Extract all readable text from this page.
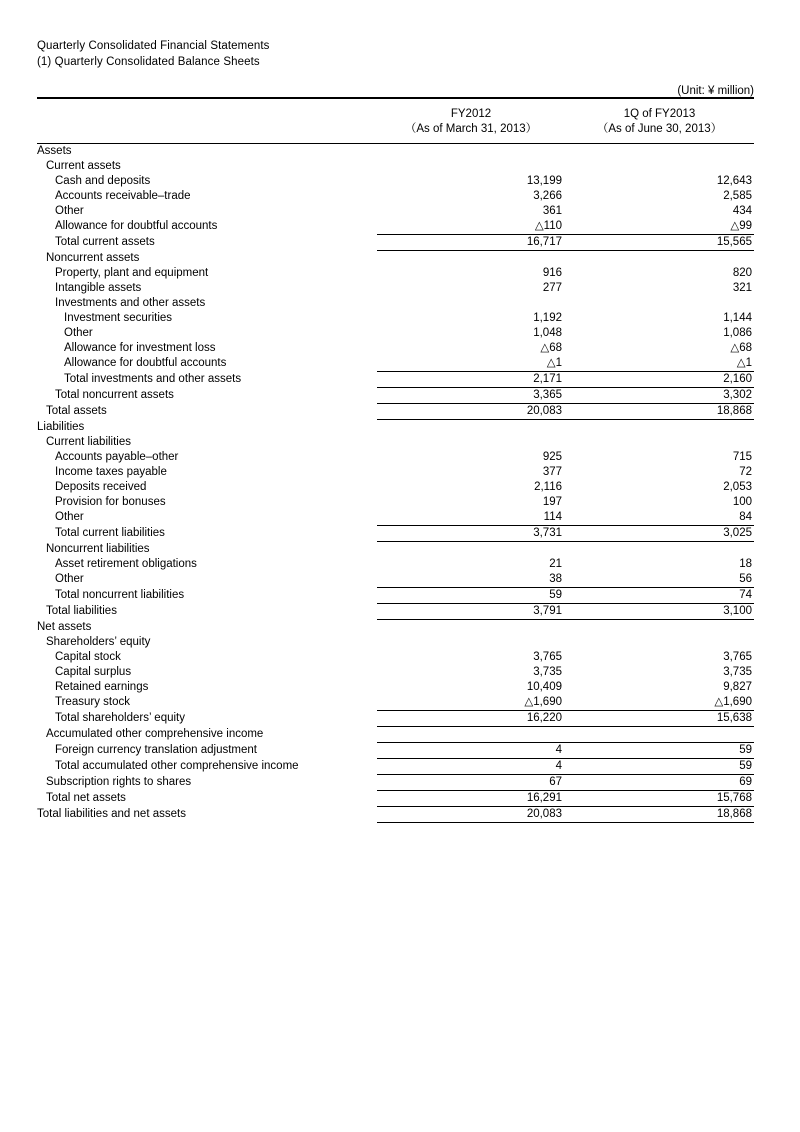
Quarterly Consolidated Financial Statements
(1) Quarterly Consolidated Balance Sheets
(Unit: ¥ million)

FY2012
（As of March 31, 2013）

1Q of FY2013
（As of June 30, 2013）

Assets		
Current assets		
Cash and deposits	13,199	12,643
Accounts receivable–trade	3,266	2,585
Other	361	434
Allowance for doubtful accounts	△110	△99
Total current assets	16,717	15,565
Noncurrent assets		
Property, plant and equipment	916	820
Intangible assets	277	321
Investments and other assets		
Investment securities	1,192	1,144
Other	1,048	1,086
Allowance for investment loss	△68	△68
Allowance for doubtful accounts	△1	△1
Total investments and other assets	2,171	2,160
Total noncurrent assets	3,365	3,302
Total assets	20,083	18,868
Liabilities		
Current liabilities		
Accounts payable–other	925	715
Income taxes payable	377	72
Deposits received	2,116	2,053
Provision for bonuses	197	100
Other	114	84
Total current liabilities	3,731	3,025
Noncurrent liabilities		
Asset retirement obligations	21	18
Other	38	56
Total noncurrent liabilities	59	74
Total liabilities	3,791	3,100
Net assets		
Shareholders’ equity		
Capital stock	3,765	3,765
Capital surplus	3,735	3,735
Retained earnings	10,409	9,827
Treasury stock	△1,690	△1,690
Total shareholders’ equity	16,220	15,638
Accumulated other comprehensive income		
Foreign currency translation adjustment	4	59
Total accumulated other comprehensive income	4	59
Subscription rights to shares	67	69
Total net assets	16,291	15,768
Total liabilities and net assets	20,083	18,868
